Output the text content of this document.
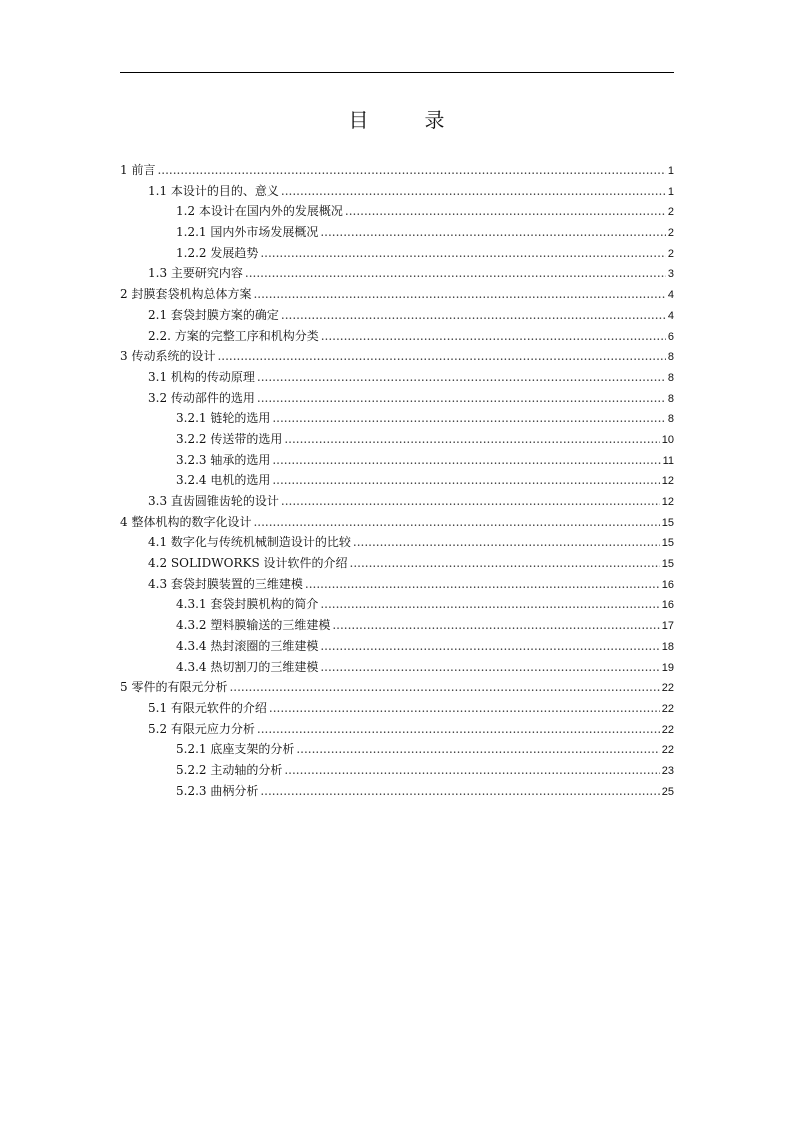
目　录
1 前言 .....	1
1.1 本设计的目的、意义 .....	1
1.2 本设计在国内外的发展概况 .....	2
1.2.1 国内外市场发展概况 .....	2
1.2.2 发展趋势 .....	2
1.3 主要研究内容 .....	3
2 封膜套袋机构总体方案 .....	4
2.1 套袋封膜方案的确定 .....	4
2.2. 方案的完整工序和机构分类 .....	6
3 传动系统的设计 .....	8
3.1 机构的传动原理 .....	8
3.2 传动部件的选用 .....	8
3.2.1 链轮的选用 .....	8
3.2.2 传送带的选用 .....	10
3.2.3 轴承的选用 .....	11
3.2.4 电机的选用 .....	12
3.3 直齿圆锥齿轮的设计 .....	12
4 整体机构的数字化设计 .....	15
4.1 数字化与传统机械制造设计的比较 .....	15
4.2 SOLIDWORKS 设计软件的介绍 .....	15
4.3 套袋封膜装置的三维建模 .....	16
4.3.1 套袋封膜机构的简介 .....	16
4.3.2 塑料膜输送的三维建模 .....	17
4.3.4 热封滚圈的三维建模 .....	18
4.3.4 热切割刀的三维建模 .....	19
5 零件的有限元分析 .....	22
5.1 有限元软件的介绍 .....	22
5.2 有限元应力分析 .....	22
5.2.1 底座支架的分析 .....	22
5.2.2 主动轴的分析 .....	23
5.2.3 曲柄分析 .....	25
